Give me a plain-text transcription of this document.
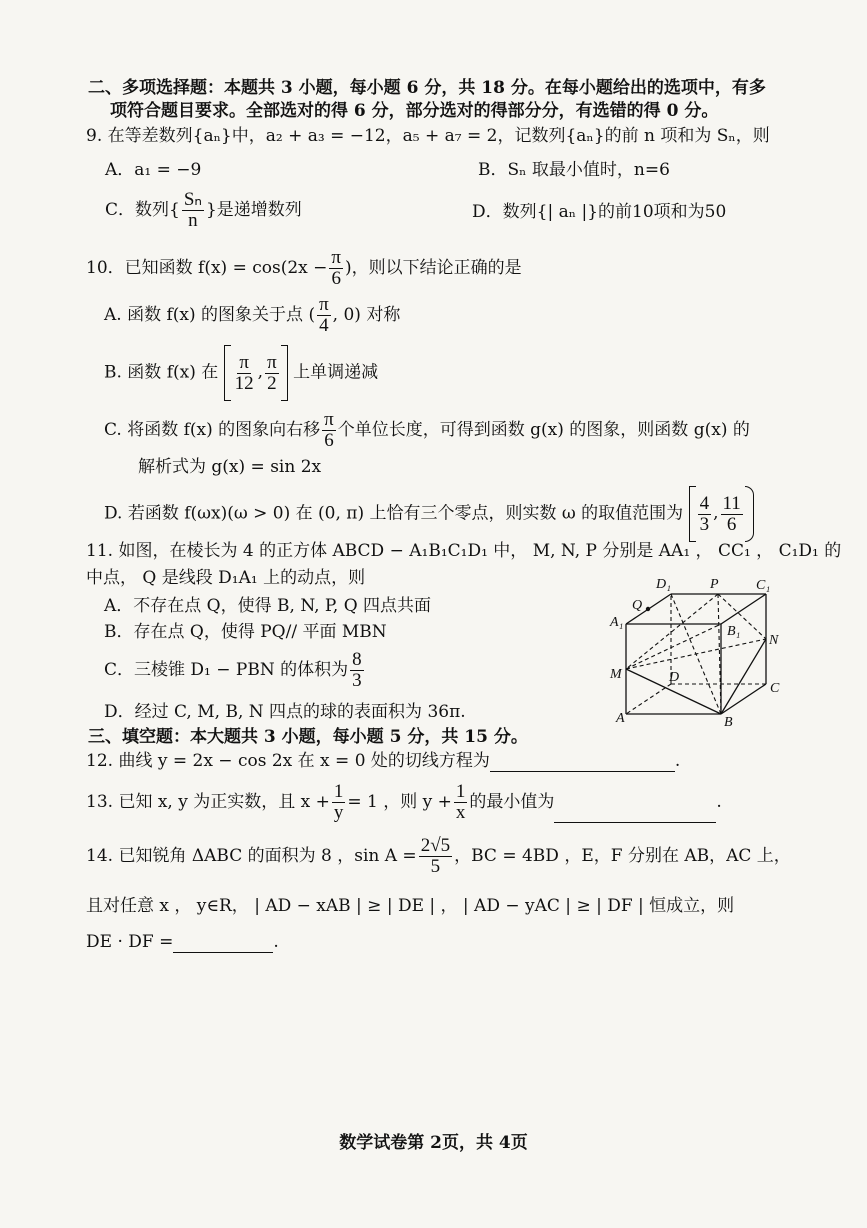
二、多项选择题：本题共 3 小题，每小题 6 分，共 18 分。在每小题给出的选项中，有多
项符合题目要求。全部选对的得 6 分，部分选对的得部分分，有选错的得 0 分。
9. 在等差数列{aₙ}中，a₂ + a₃ = −12，a₅ + a₇ = 2，记数列{aₙ}的前 n 项和为 Sₙ，则
A．a₁ = −9	B．Sₙ 取最小值时，n=6
C．数列{ $\frac{\text{Sₙ}}{n}$ }是递增数列	D．数列{| aₙ |}的前10项和为50
10．已知函数 $f(x) = \cos(2x - \frac{\pi}{6}$ )，则以下结论正确的是
A. 函数 f(x) 的图象关于点 ( $\frac{\pi}{4}$ , 0) 对称
B. 函数 f(x) 在 π
12
, π
2 上单调递减
C. 将函数 f(x) 的图象向右移 $\frac{\pi}{6}$ 个单位长度，可得到函数 g(x) 的图象，则函数 g(x) 的
解析式为 g(x) = sin 2x
D. 若函数 f(ωx)(ω > 0) 在 (0, π) 上恰有三个零点，则实数 ω 的取值范围为 4
3
, 11
6
11. 如图，在棱长为 4 的正方体 ABCD − A₁B₁C₁D₁ 中， M, N, P 分别是 AA₁ ， CC₁ ， C₁D₁ 的
中点， Q 是线段 D₁A₁ 上的动点，则
A．不存在点 Q，使得 B, N, P, Q 四点共面
B．存在点 Q，使得 PQ// 平面 MBN
C．三棱锥 D₁ − PBN 的体积为 $\frac{8}{3}$
D．经过 C, M, B, N 四点的球的表面积为 36π.
D₁	P	C₁
Q
A₁
B₁
N
M	D
C
A	B
三、填空题：本大题共 3 小题，每小题 5 分，共 15 分。
12. 曲线 y = 2x − cos 2x 在 x = 0 处的切线方程为	.
13. 已知 x, y 为正实数，且 $x + \frac{1}{y} = 1$ ，则 $y + \frac{1}{x}$ 的最小值为	.
14. 已知锐角 ΔABC 的面积为 8 ，$\sin A = \frac{2√5}{5}$ ，BC = 4BD ，E，F 分别在 AB，AC 上，
且对任意 x ， y∈R， | AD − xAB | ≥ | DE | ， | AD − yAC | ≥ | DF | 恒成立，则
DE · DF =	.
数学试卷第 2页，共 4页
